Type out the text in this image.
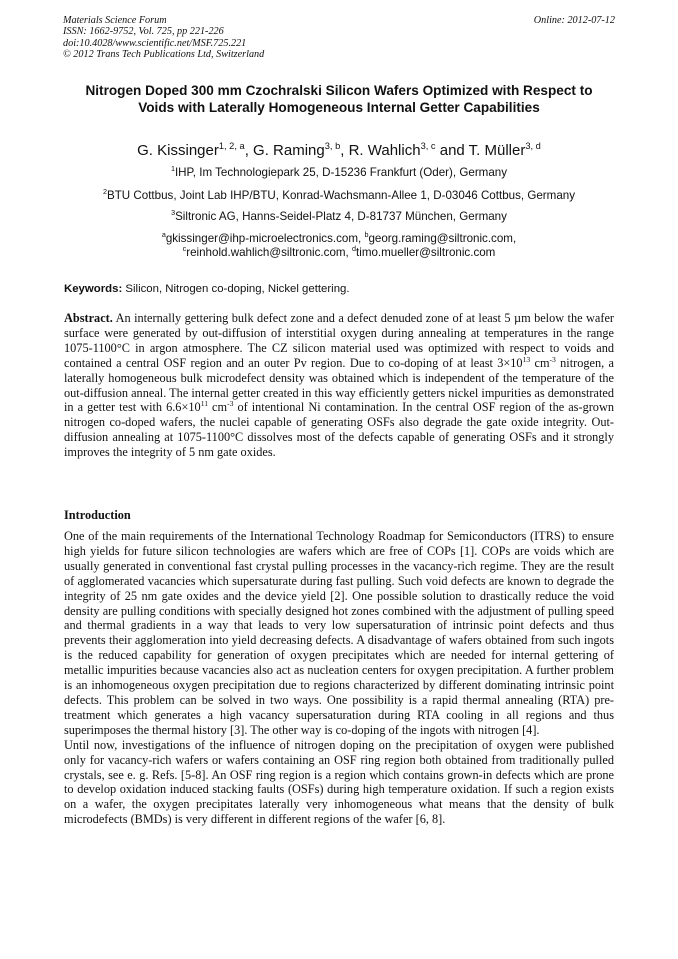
Materials Science Forum
ISSN: 1662-9752, Vol. 725, pp 221-226
doi:10.4028/www.scientific.net/MSF.725.221
© 2012 Trans Tech Publications Ltd, Switzerland
Online: 2012-07-12
Nitrogen Doped 300 mm Czochralski Silicon Wafers Optimized with Respect to Voids with Laterally Homogeneous Internal Getter Capabilities
G. Kissinger$^{1, 2, a}$, G. Raming$^{3, b}$, R. Wahlich$^{3, c}$ and T. Müller$^{3, d}$
$^1$IHP, Im Technologiepark 25, D-15236 Frankfurt (Oder), Germany
$^2$BTU Cottbus, Joint Lab IHP/BTU, Konrad-Wachsmann-Allee 1, D-03046 Cottbus, Germany
$^3$Siltronic AG, Hanns-Seidel-Platz 4, D-81737 München, Germany
$^a$gkissinger@ihp-microelectronics.com, $^b$georg.raming@siltronic.com,
$^c$reinhold.wahlich@siltronic.com, $^d$timo.mueller@siltronic.com
Keywords: Silicon, Nitrogen co-doping, Nickel gettering.
Abstract. An internally gettering bulk defect zone and a defect denuded zone of at least 5 µm below the wafer surface were generated by out-diffusion of interstitial oxygen during annealing at temperatures in the range 1075-1100°C in argon atmosphere. The CZ silicon material used was optimized with respect to voids and contained a central OSF region and an outer Pv region. Due to co-doping of at least $3\times 10^{13}$ $cm^{-3}$ nitrogen, a laterally homogeneous bulk microdefect density was obtained which is independent of the temperature of the out-diffusion anneal. The internal getter created in this way efficiently getters nickel impurities as demonstrated in a getter test with $6.6\times 10^{11}$ $cm^{-3}$ of intentional Ni contamination. In the central OSF region of the as-grown nitrogen co-doped wafers, the nuclei capable of generating OSFs also degrade the gate oxide integrity. Out-diffusion annealing at 1075-1100°C dissolves most of the defects capable of generating OSFs and it strongly improves the integrity of 5 nm gate oxides.
Introduction

One of the main requirements of the International Technology Roadmap for Semiconductors (ITRS) to ensure high yields for future silicon technologies are wafers which are free of COPs [1]. COPs are voids which are usually generated in conventional fast crystal pulling processes in the vacancy-rich regime. They are the result of agglomerated vacancies which supersaturate during fast pulling. Such void defects are known to degrade the integrity of 25 nm gate oxides and the device yield [2]. One possible solution to drastically reduce the void density are pulling conditions with specially designed hot zones combined with the adjustment of pulling speed and thermal gradients in a way that leads to very low supersaturation of intrinsic point defects and thus prevents their agglomeration into yield decreasing defects. A disadvantage of wafers obtained from such ingots is the reduced capability for generation of oxygen precipitates which are needed for internal gettering of metallic impurities because vacancies also act as nucleation centers for oxygen precipitation. A further problem is an inhomogeneous oxygen precipitation due to regions characterized by different dominating intrinsic point defects. This problem can be solved in two ways. One possibility is a rapid thermal annealing (RTA) pre-treatment which generates a high vacancy supersaturation during RTA cooling in all regions and thus superimposes the thermal history [3]. The other way is co-doping of the ingots with nitrogen [4].

Until now, investigations of the influence of nitrogen doping on the precipitation of oxygen were published only for vacancy-rich wafers or wafers containing an OSF ring region both obtained from traditionally pulled crystals, see e. g. Refs. [5-8]. An OSF ring region is a region which contains grown-in defects which are prone to develop oxidation induced stacking faults (OSFs) during high temperature oxidation. If such a region exists on a wafer, the oxygen precipitates laterally very inhomogeneous what means that the density of bulk microdefects (BMDs) is very different in different regions of the wafer [6, 8].
